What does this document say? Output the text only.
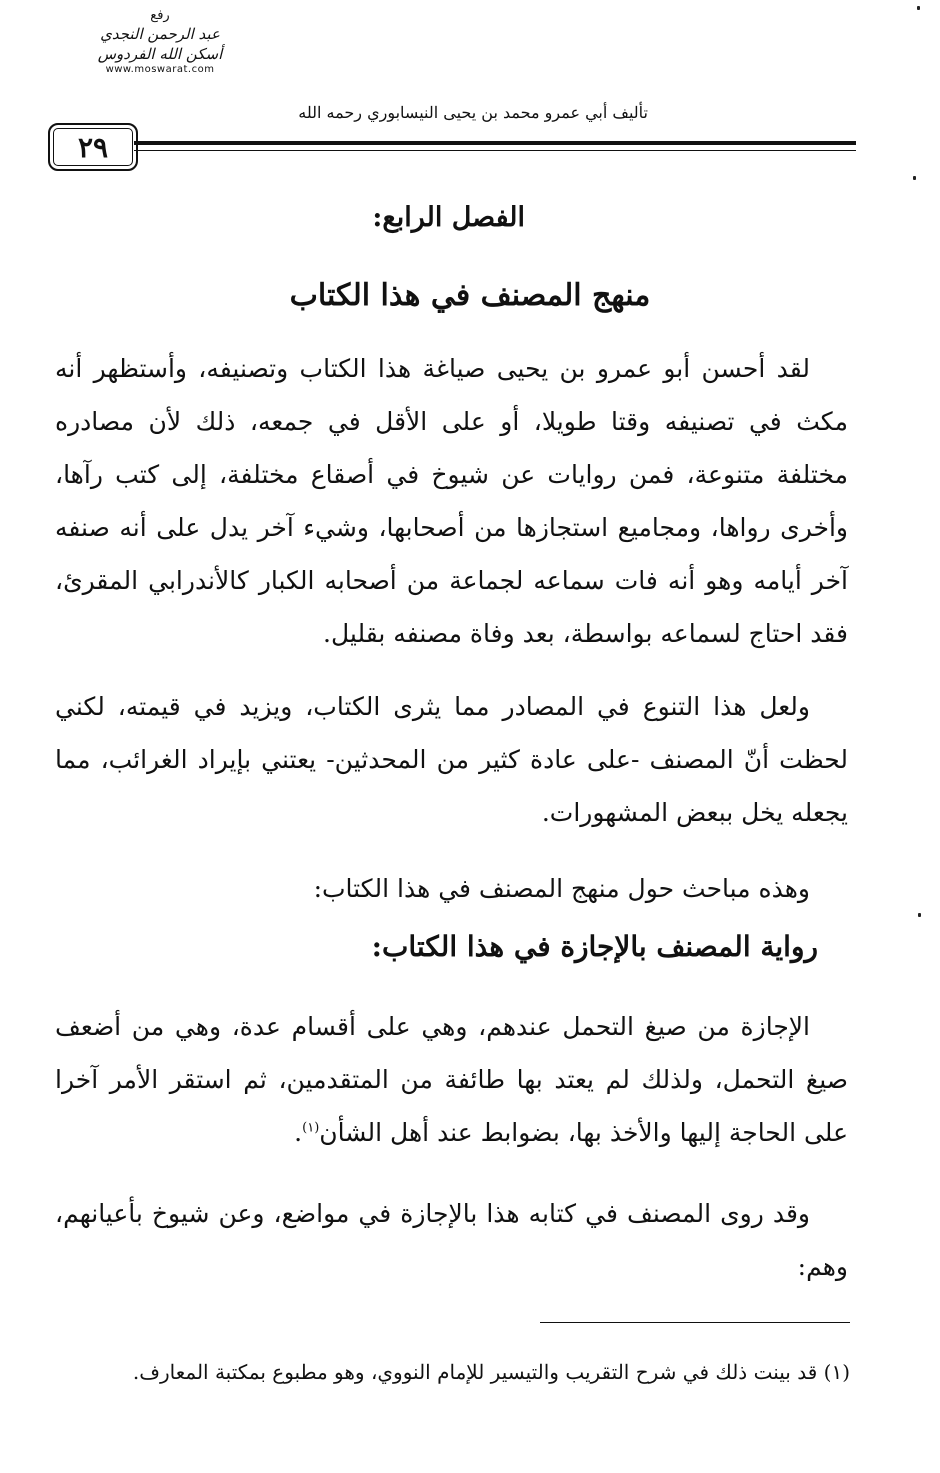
رفع
عبد الرحمن النجدي
أسكن الله الفردوس
www.moswarat.com
تأليف أبي عمرو محمد بن يحيى النيسابوري رحمه الله
٢٩
الفصل الرابع:
منهج المصنف في هذا الكتاب
لقد أحسن أبو عمرو بن يحيى صياغة هذا الكتاب وتصنيفه، وأستظهر أنه مكث في تصنيفه وقتا طويلا، أو على الأقل في جمعه، ذلك لأن مصادره مختلفة متنوعة، فمن روايات عن شيوخ في أصقاع مختلفة، إلى كتب رآها، وأخرى رواها، ومجاميع استجازها من أصحابها، وشيء آخر يدل على أنه صنفه آخر أيامه وهو أنه فات سماعه لجماعة من أصحابه الكبار كالأندرابي المقرئ، فقد احتاج لسماعه بواسطة، بعد وفاة مصنفه بقليل.
ولعل هذا التنوع في المصادر مما يثرى الكتاب، ويزيد في قيمته، لكني لحظت أنّ المصنف -على عادة كثير من المحدثين- يعتني بإيراد الغرائب، مما يجعله يخل ببعض المشهورات.
وهذه مباحث حول منهج المصنف في هذا الكتاب:
رواية المصنف بالإجازة في هذا الكتاب:
الإجازة من صيغ التحمل عندهم، وهي على أقسام عدة، وهي من أضعف صيغ التحمل، ولذلك لم يعتد بها طائفة من المتقدمين، ثم استقر الأمر آخرا على الحاجة إليها والأخذ بها، بضوابط عند أهل الشأن$^{(١)}$.
وقد روى المصنف في كتابه هذا بالإجازة في مواضع، وعن شيوخ بأعيانهم، وهم:
(١) قد بينت ذلك في شرح التقريب والتيسير للإمام النووي، وهو مطبوع بمكتبة المعارف.
